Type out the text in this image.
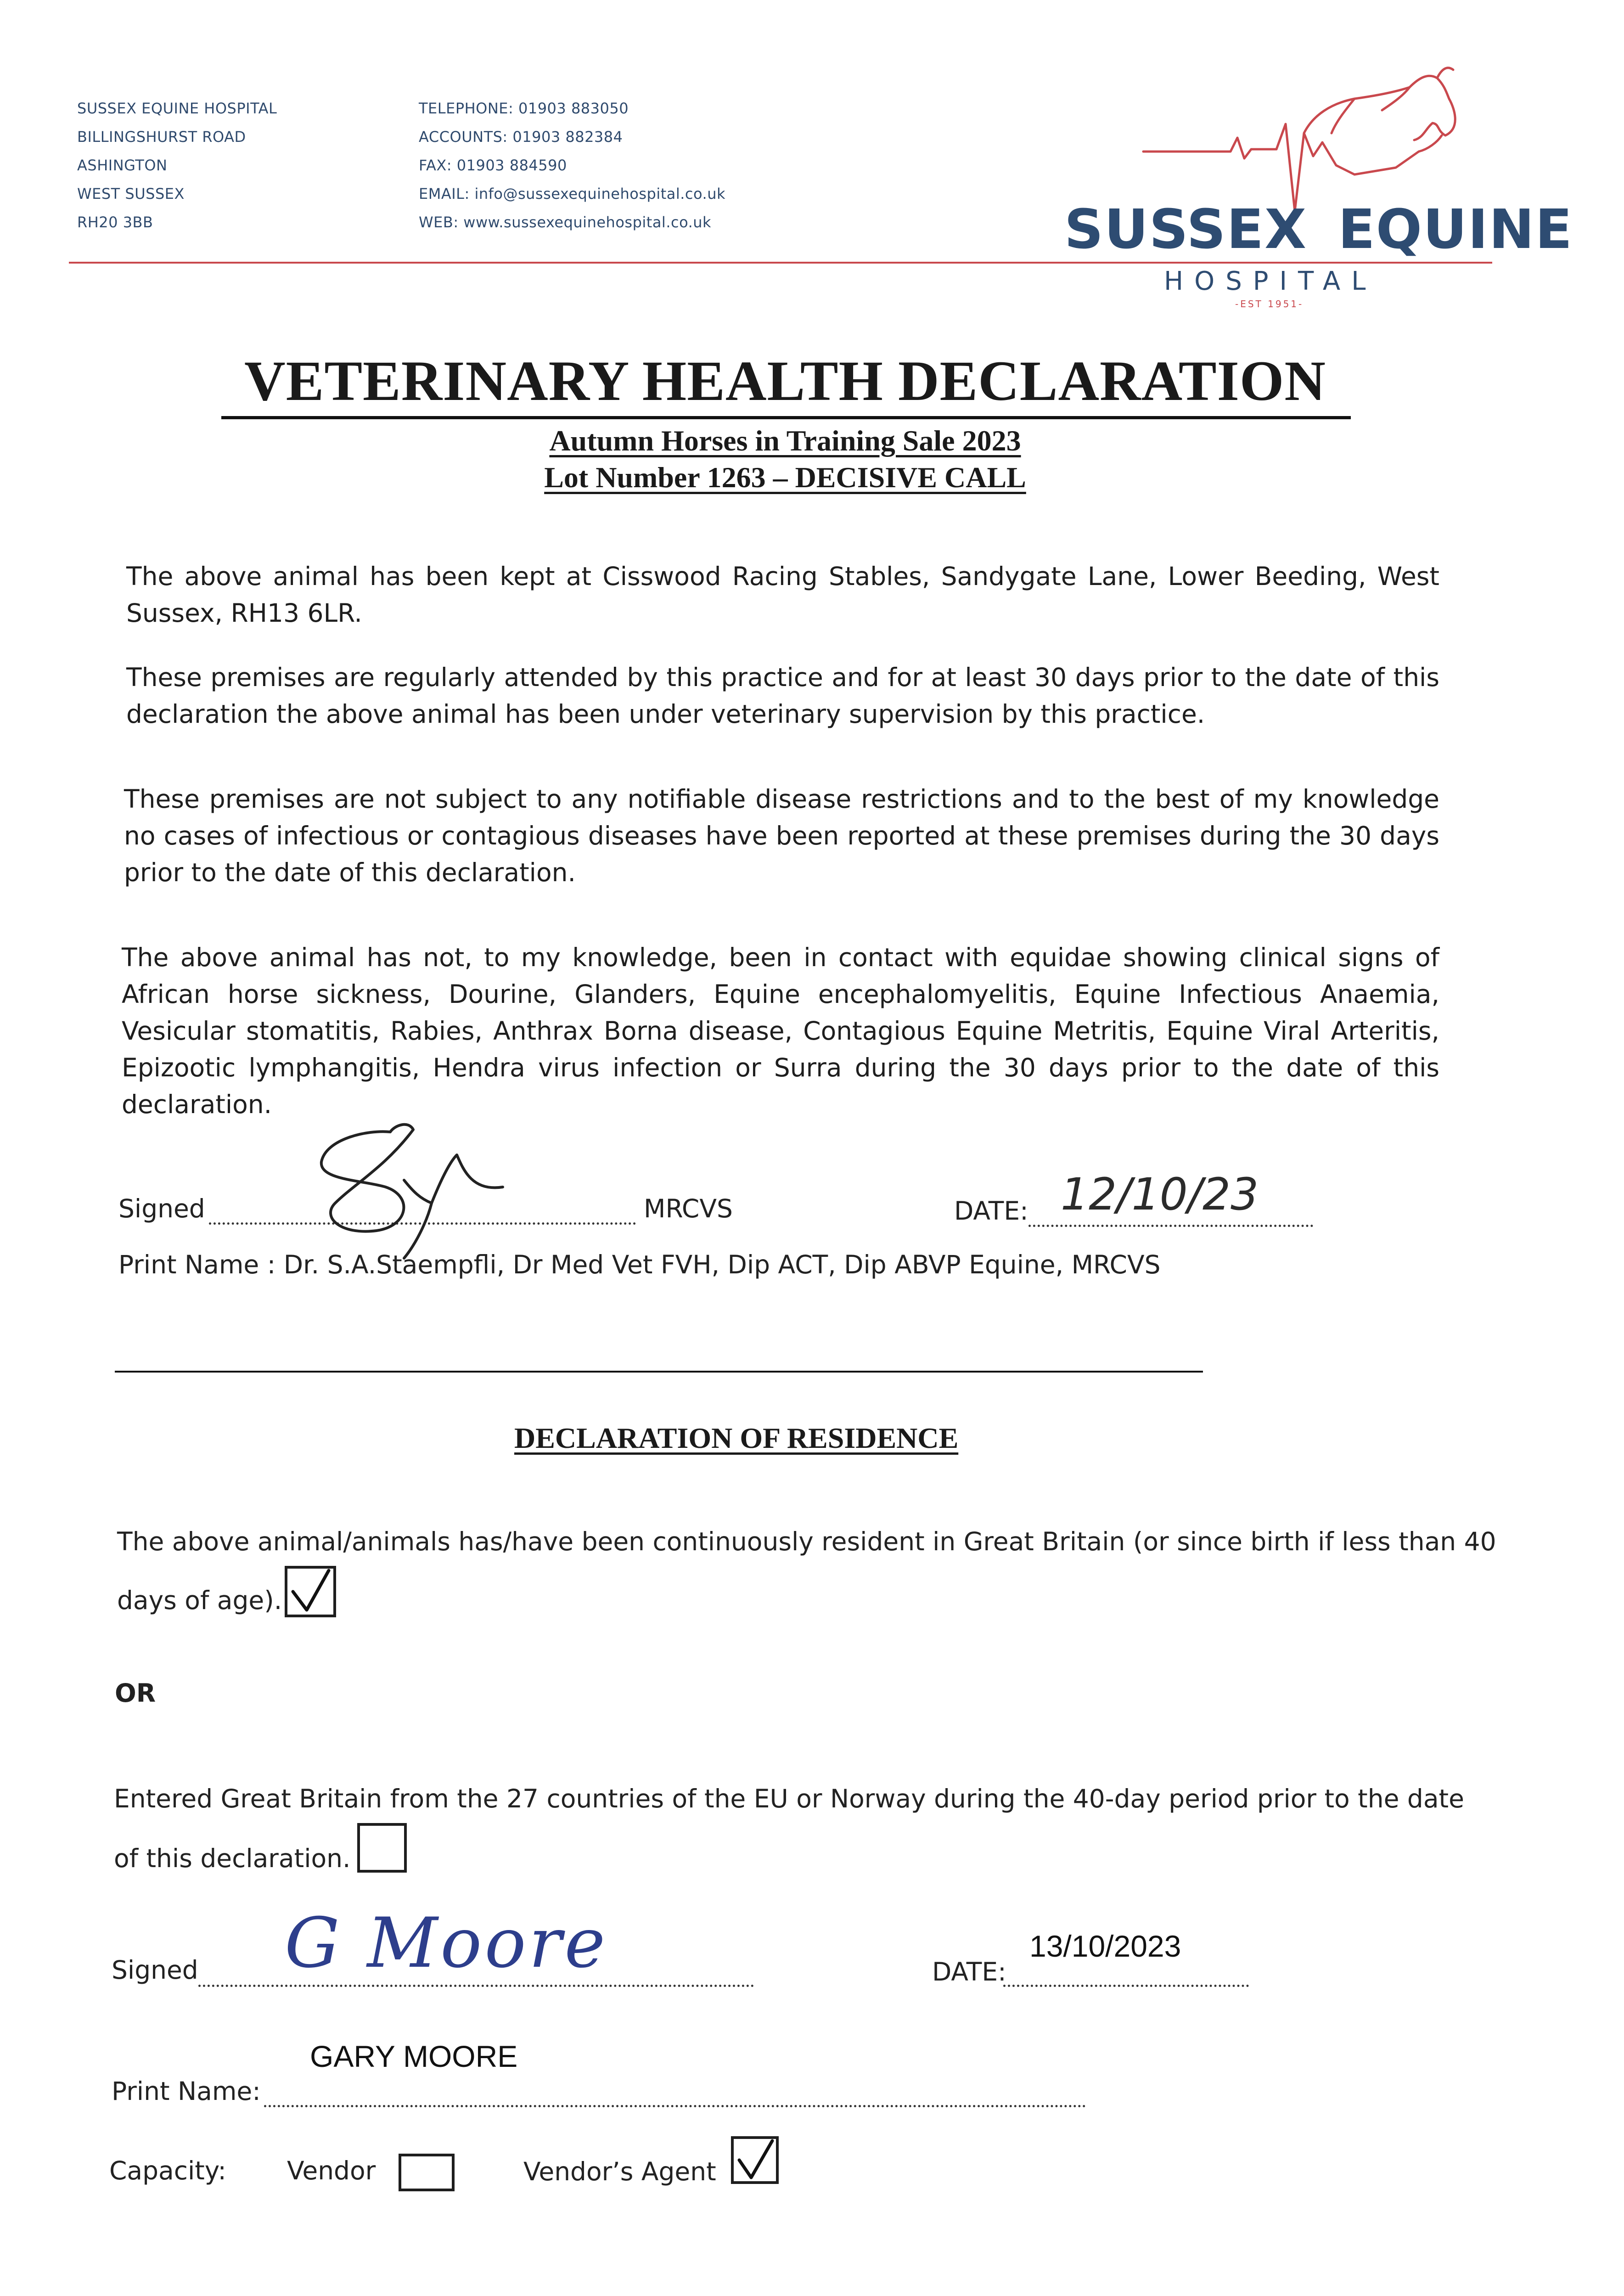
SUSSEX EQUINE HOSPITAL
BILLINGSHURST ROAD
ASHINGTON
WEST SUSSEX
RH20 3BB
TELEPHONE: 01903 883050
ACCOUNTS: 01903 882384
FAX: 01903 884590
EMAIL: info@sussexequinehospital.co.uk
WEB: www.sussexequinehospital.co.uk	SUSSEX EQUINE
HOSPITAL
-EST 1951-
VETERINARY HEALTH DECLARATION
Autumn Horses in Training Sale 2023
Lot Number 1263 – DECISIVE CALL
The above animal has been kept at Cisswood Racing Stables, Sandygate Lane, Lower Beeding, West Sussex, RH13 6LR.
These premises are regularly attended by this practice and for at least 30 days prior to the date of this declaration the above animal has been under veterinary supervision by this practice.
These premises are not subject to any notifiable disease restrictions and to the best of my knowledge no cases of infectious or contagious diseases have been reported at these premises during the 30 days prior to the date of this declaration.
The above animal has not, to my knowledge, been in contact with equidae showing clinical signs of African horse sickness, Dourine, Glanders, Equine encephalomyelitis, Equine Infectious Anaemia, Vesicular stomatitis, Rabies, Anthrax Borna disease, Contagious Equine Metritis, Equine Viral Arteritis, Epizootic lymphangitis, Hendra virus infection or Surra during the 30 days prior to the date of this declaration.
Signed	MRCVS	DATE: 12/10/23
Print Name : Dr. S.A.Staempfli, Dr Med Vet FVH, Dip ACT, Dip ABVP Equine, MRCVS
DECLARATION OF RESIDENCE
The above animal/animals has/have been continuously resident in Great Britain (or since birth if less than 40
days of age).
OR
Entered Great Britain from the 27 countries of the EU or Norway during the 40-day period prior to the date
of this declaration.
Signed G Moore	DATE:
13/10/2023
Print Name:
GARY MOORE
Capacity: Vendor	Vendor’s Agent
